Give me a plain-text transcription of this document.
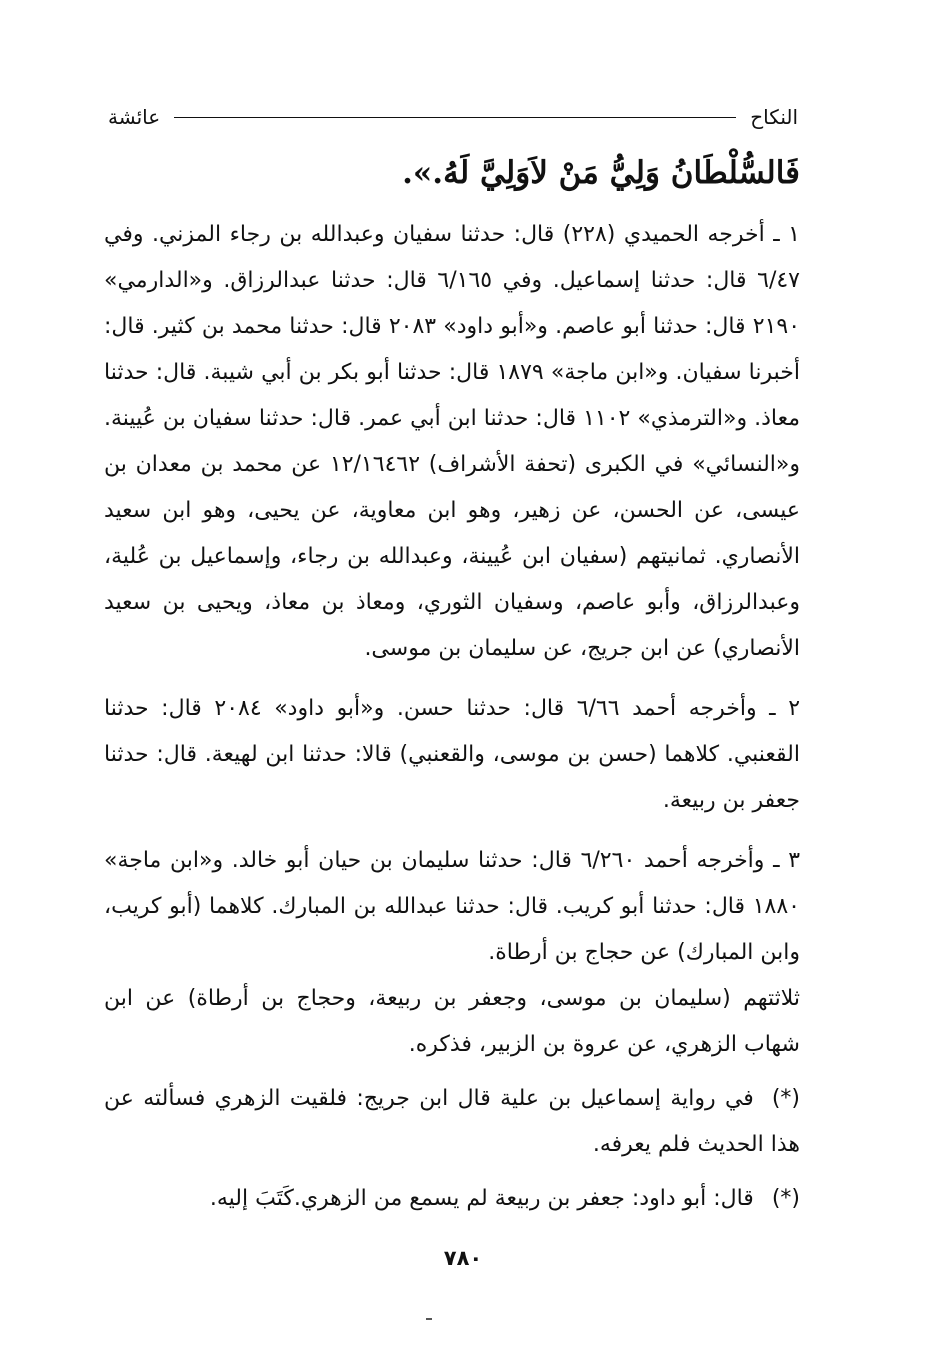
النكاح
عائشة

فَالسُّلْطَانُ وَلِيُّ مَنْ لاَوَلِيَّ لَهُ.».

١ ـ أخرجه الحميدي (٢٢٨) قال: حدثنا سفيان وعبدالله بن رجاء المزني. وفي ٦/٤٧ قال: حدثنا إسماعيل. وفي ٦/١٦٥ قال: حدثنا عبدالرزاق. و«الدارمي» ٢١٩٠ قال: حدثنا أبو عاصم. و«أبو داود» ٢٠٨٣ قال: حدثنا محمد بن كثير. قال: أخبرنا سفيان. و«ابن ماجة» ١٨٧٩ قال: حدثنا أبو بكر بن أبي شيبة. قال: حدثنا معاذ. و«الترمذي» ١١٠٢ قال: حدثنا ابن أبي عمر. قال: حدثنا سفيان بن عُيينة. و«النسائي» في الكبرى (تحفة الأشراف) ١٢/١٦٤٦٢ عن محمد بن معدان بن عيسى، عن الحسن، عن زهير، وهو ابن معاوية، عن يحيى، وهو ابن سعيد الأنصاري. ثمانيتهم (سفيان ابن عُيينة، وعبدالله بن رجاء، وإسماعيل بن عُلية، وعبدالرزاق، وأبو عاصم، وسفيان الثوري، ومعاذ بن معاذ، ويحيى بن سعيد الأنصاري) عن ابن جريج، عن سليمان بن موسى.

٢ ـ وأخرجه أحمد ٦/٦٦ قال: حدثنا حسن. و«أبو داود» ٢٠٨٤ قال: حدثنا القعنبي. كلاهما (حسن بن موسى، والقعنبي) قالا: حدثنا ابن لهيعة. قال: حدثنا جعفر بن ربيعة.

٣ ـ وأخرجه أحمد ٦/٢٦٠ قال: حدثنا سليمان بن حيان أبو خالد. و«ابن ماجة» ١٨٨٠ قال: حدثنا أبو كريب. قال: حدثنا عبدالله بن المبارك. كلاهما (أبو كريب، وابن المبارك) عن حجاج بن أرطاة.

ثلاثتهم (سليمان بن موسى، وجعفر بن ربيعة، وحجاج بن أرطاة) عن ابن شهاب الزهري، عن عروة بن الزبير، فذكره.

(*)في رواية إسماعيل بن علية قال ابن جريج: فلقيت الزهري فسألته عن هذا الحديث فلم يعرفه.

(*)قال: أبو داود: جعفر بن ربيعة لم يسمع من الزهري.كَتَبَ إليه.

٧٨٠
